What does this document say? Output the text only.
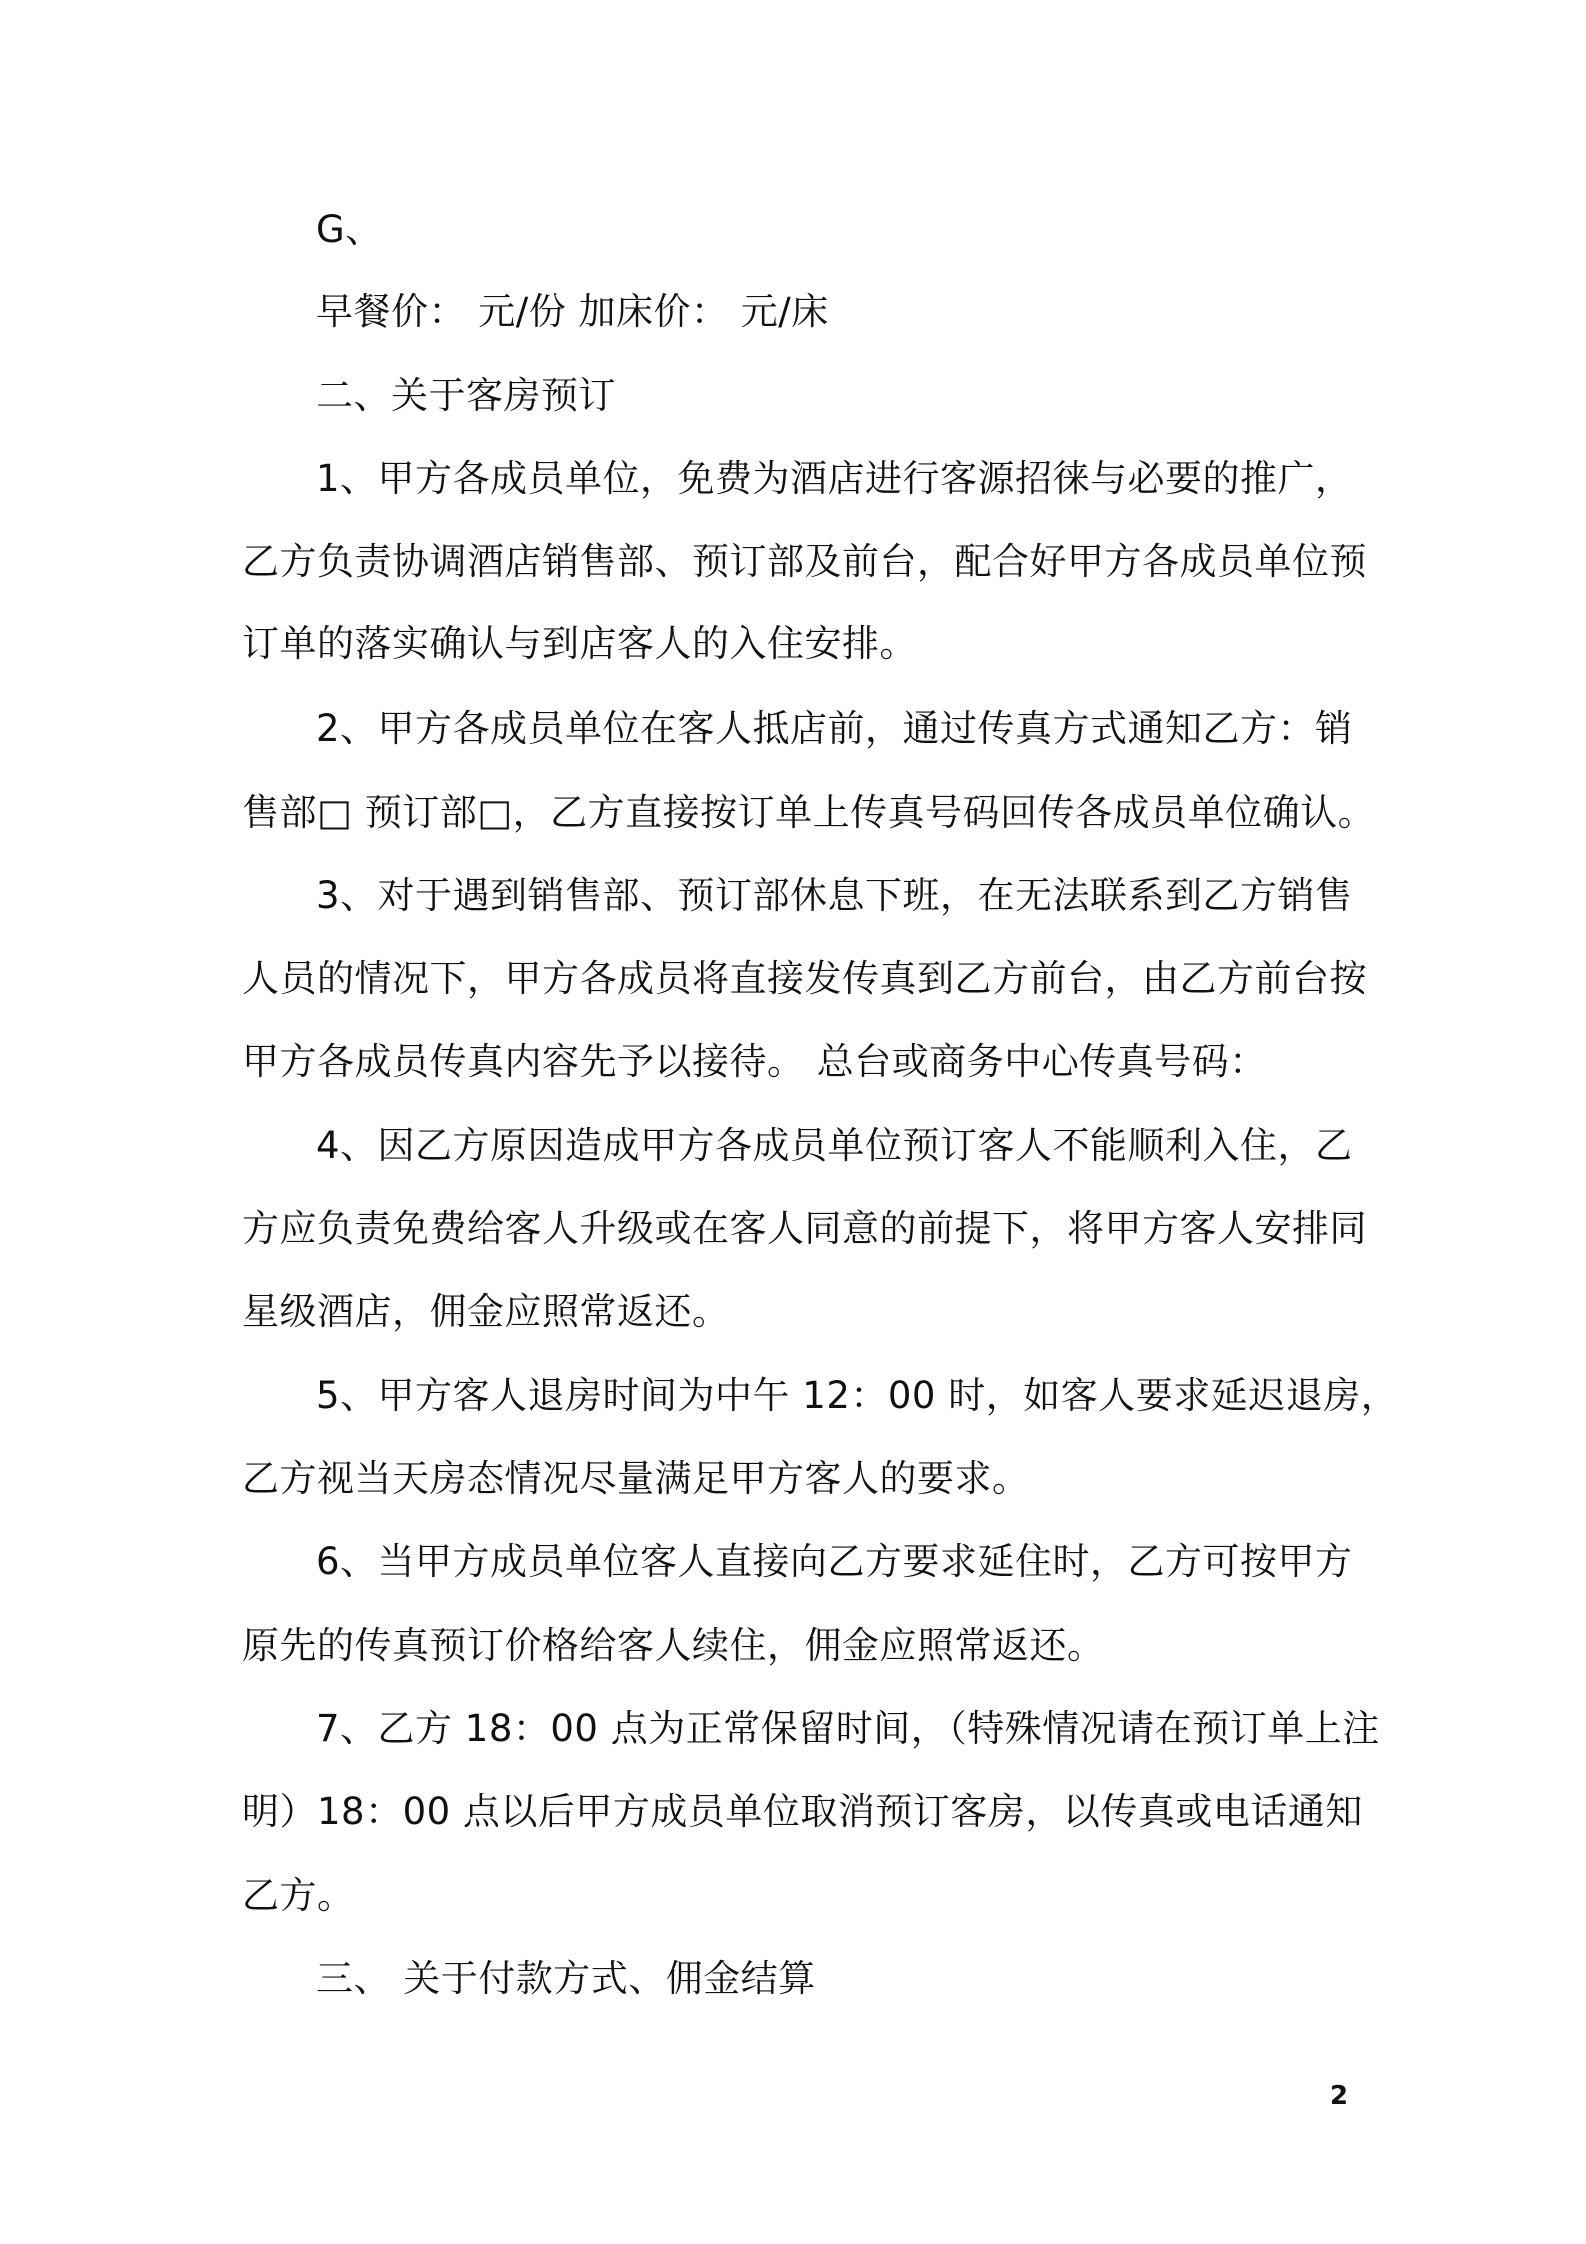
G、
早餐价： 元/份 加床价： 元/床
二、关于客房预订
1、甲方各成员单位，免费为酒店进行客源招徕与必要的推广，
乙方负责协调酒店销售部、预订部及前台，配合好甲方各成员单位预
订单的落实确认与到店客人的入住安排。
2、甲方各成员单位在客人抵店前，通过传真方式通知乙方：销
售部□ 预订部□，乙方直接按订单上传真号码回传各成员单位确认。
3、对于遇到销售部、预订部休息下班，在无法联系到乙方销售
人员的情况下，甲方各成员将直接发传真到乙方前台，由乙方前台按
甲方各成员传真内容先予以接待。 总台或商务中心传真号码：
4、因乙方原因造成甲方各成员单位预订客人不能顺利入住，乙
方应负责免费给客人升级或在客人同意的前提下，将甲方客人安排同
星级酒店，佣金应照常返还。
5、甲方客人退房时间为中午 12：00 时，如客人要求延迟退房，
乙方视当天房态情况尽量满足甲方客人的要求。
6、当甲方成员单位客人直接向乙方要求延住时，乙方可按甲方
原先的传真预订价格给客人续住，佣金应照常返还。
7、乙方 18：00 点为正常保留时间，（特殊情况请在预订单上注
明）18：00 点以后甲方成员单位取消预订客房，以传真或电话通知
乙方。
三、 关于付款方式、佣金结算
2
